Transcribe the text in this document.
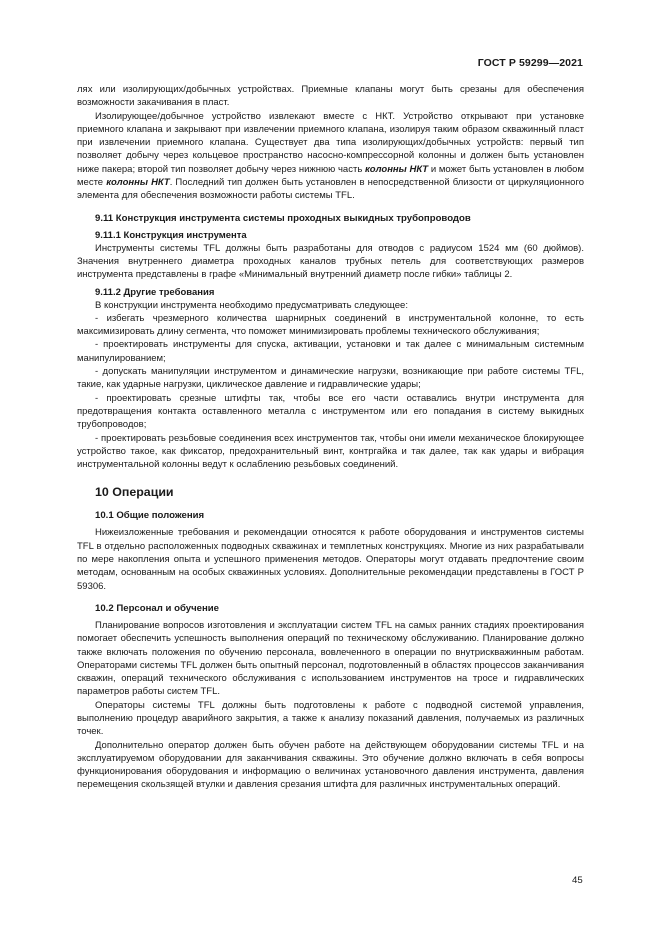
ГОСТ Р 59299—2021

лях или изолирующих/добычных устройствах. Приемные клапаны могут быть срезаны для обеспечения возможности закачивания в пласт.

Изолирующее/добычное устройство извлекают вместе с НКТ. Устройство открывают при установке приемного клапана и закрывают при извлечении приемного клапана, изолируя таким образом скважинный пласт при извлечении приемного клапана. Существует два типа изолирующих/добычных устройств: первый тип позволяет добычу через кольцевое пространство насосно-компрессорной колонны и должен быть установлен ниже пакера; второй тип позволяет добычу через нижнюю часть колонны НКТ и может быть установлен в любом месте колонны НКТ. Последний тип должен быть установлен в непосредственной близости от циркуляционного элемента для обеспечения возможности работы системы TFL.

9.11 Конструкция инструмента системы проходных выкидных трубопроводов
9.11.1 Конструкция инструмента

Инструменты системы TFL должны быть разработаны для отводов с радиусом 1524 мм (60 дюймов). Значения внутреннего диаметра проходных каналов трубных петель для соответствующих размеров инструмента представлены в графе «Минимальный внутренний диаметр после гибки» таблицы 2.

9.11.2 Другие требования

В конструкции инструмента необходимо предусматривать следующее:

- избегать чрезмерного количества шарнирных соединений в инструментальной колонне, то есть максимизировать длину сегмента, что поможет минимизировать проблемы технического обслуживания;

- проектировать инструменты для спуска, активации, установки и так далее с минимальным системным манипулированием;

- допускать манипуляции инструментом и динамические нагрузки, возникающие при работе системы TFL, такие, как ударные нагрузки, циклическое давление и гидравлические удары;

- проектировать срезные штифты так, чтобы все его части оставались внутри инструмента для предотвращения контакта оставленного металла с инструментом или его попадания в систему выкидных трубопроводов;

- проектировать резьбовые соединения всех инструментов так, чтобы они имели механическое блокирующее устройство такое, как фиксатор, предохранительный винт, контргайка и так далее, так как удары и вибрация инструментальной колонны ведут к ослаблению резьбовых соединений.

10 Операции
10.1 Общие положения

Нижеизложенные требования и рекомендации относятся к работе оборудования и инструментов системы TFL в отдельно расположенных подводных скважинах и темплетных конструкциях. Многие из них разрабатывали по мере накопления опыта и успешного применения методов. Операторы могут отдавать предпочтение своим методам, основанным на особых скважинных условиях. Дополнительные рекомендации представлены в ГОСТ Р 59306.

10.2 Персонал и обучение

Планирование вопросов изготовления и эксплуатации систем TFL на самых ранних стадиях проектирования помогает обеспечить успешность выполнения операций по техническому обслуживанию. Планирование должно также включать положения по обучению персонала, вовлеченного в операции по внутрискважинным работам. Операторами системы TFL должен быть опытный персонал, подготовленный в областях процессов заканчивания скважин, операций технического обслуживания с использованием инструментов на тросе и гидравлических параметров работы систем TFL.

Операторы системы TFL должны быть подготовлены к работе с подводной системой управления, выполнению процедур аварийного закрытия, а также к анализу показаний давления, получаемых из различных точек.

Дополнительно оператор должен быть обучен работе на действующем оборудовании системы TFL и на эксплуатируемом оборудовании для заканчивания скважины. Это обучение должно включать в себя вопросы функционирования оборудования и информацию о величинах установочного давления инструмента, давления перемещения скользящей втулки и давления срезания штифта для различных инструментальных операций.

45
